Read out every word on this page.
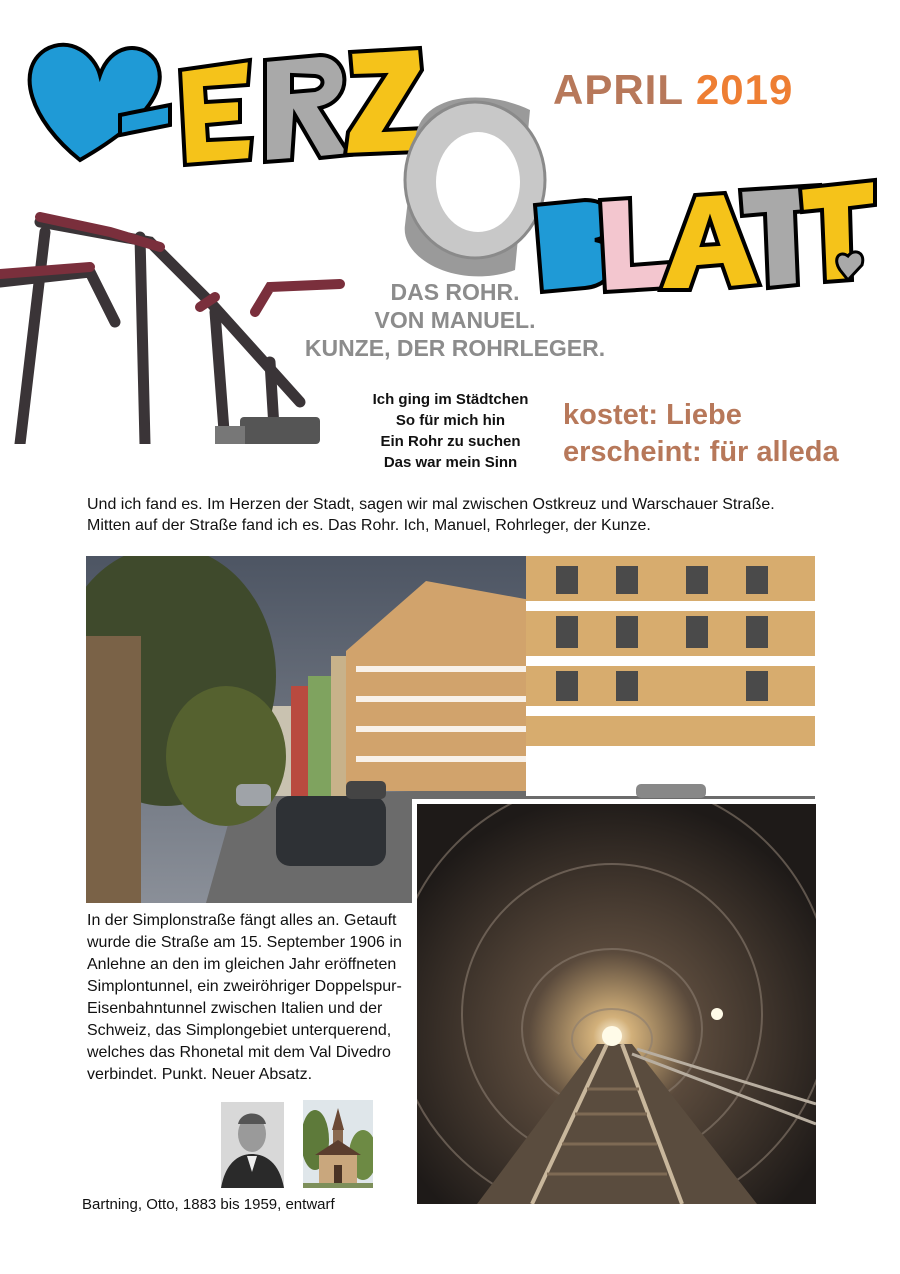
APRIL 2019
DAS ROHR.
VON MANUEL.
KUNZE, DER ROHRLEGER.
Ich ging im Städtchen
So für mich hin
Ein Rohr zu suchen
Das war mein Sinn
kostet: Liebe
erscheint: für alleda
Und ich fand es. Im Herzen der Stadt, sagen wir mal zwischen Ostkreuz und Warschauer Straße. Mitten auf der Straße fand ich es. Das Rohr. Ich, Manuel, Rohrleger, der Kunze.
In der Simplonstraße fängt alles an. Getauft wurde die Straße am 15. September 1906 in Anlehne an den im gleichen Jahr eröffneten Simplontunnel, ein zweiröhriger Doppelspur-Eisenbahntunnel zwischen Italien und der Schweiz, das Simplongebiet unterquerend, welches das Rhonetal mit dem Val Divedro verbindet. Punkt. Neuer Absatz.
Bartning, Otto, 1883 bis 1959, entwarf
